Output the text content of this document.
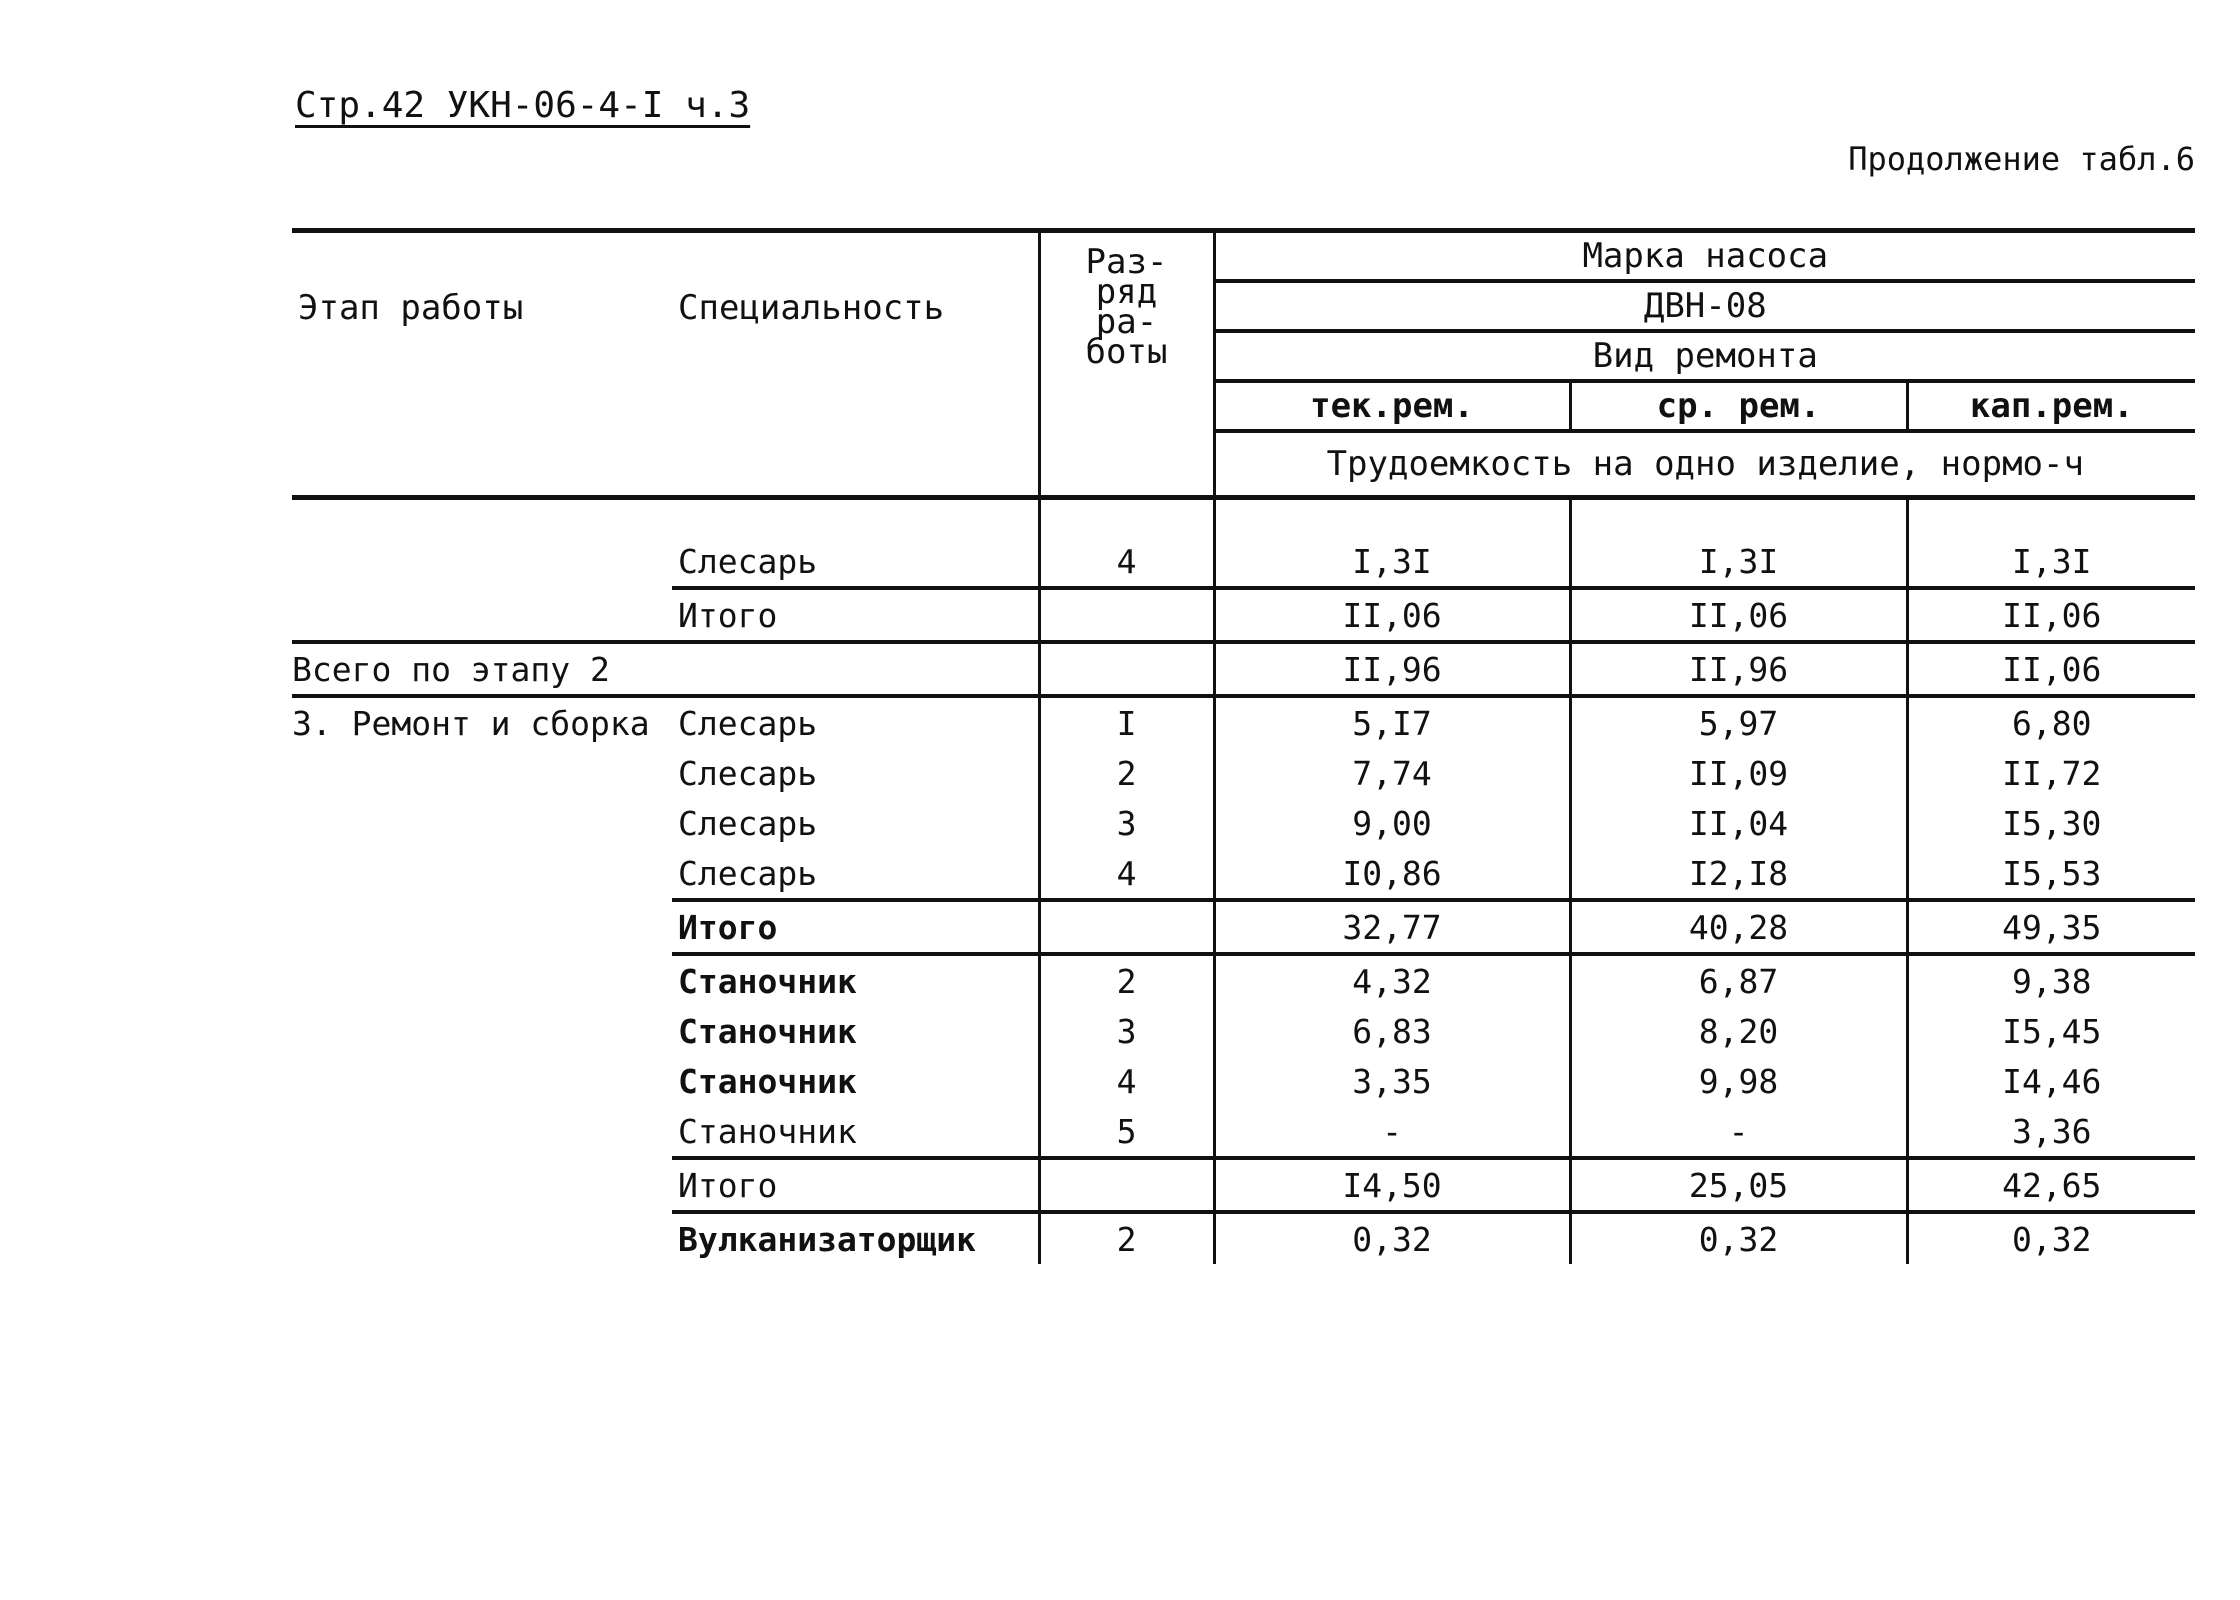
Стр.42 УКН-06-4-I ч.3
Продолжение табл.6
Этап работы	Специальность	Раз-
ряд
ра-
боты	Марка насоса		
			ДВН-08		
			Вид ремонта		
			тек.рем.	ср. рем.	кап.рем.
			Трудоемкость на одно изделие, нормо-ч		

	Слесарь	4	I,3I	I,3I	I,3I
	Итого		II,06	II,06	II,06
Всего по этапу 2			II,96	II,96	II,06
3. Ремонт и сборка	Слесарь	I	5,I7	5,97	6,80
	Слесарь	2	7,74	II,09	II,72
	Слесарь	3	9,00	II,04	I5,30
	Слесарь	4	I0,86	I2,I8	I5,53
	Итого		32,77	40,28	49,35
	Станочник	2	4,32	6,87	9,38
	Станочник	3	6,83	8,20	I5,45
	Станочник	4	3,35	9,98	I4,46
	Станочник	5	-	-	3,36
	Итого		I4,50	25,05	42,65
	Вулканизаторщик	2	0,32	0,32	0,32
